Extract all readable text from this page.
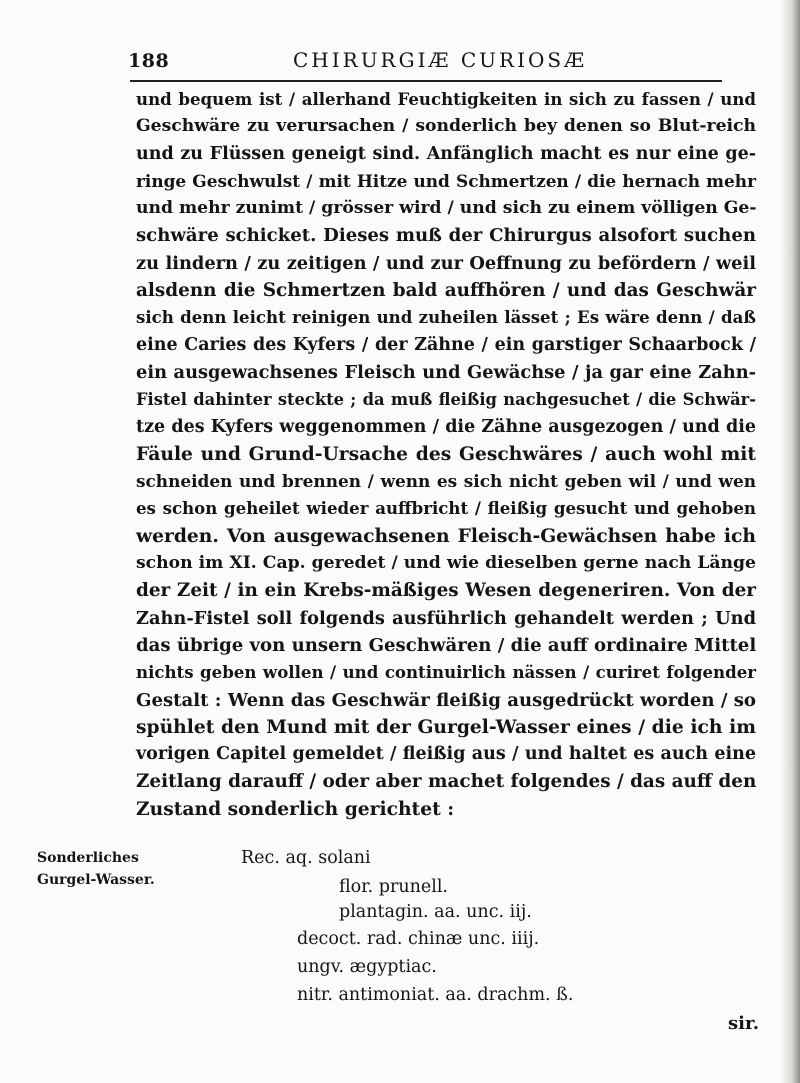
188	CHIRURGIÆ CURIOSÆ
und bequem ist / allerhand Feuchtigkeiten in sich zu fassen / und
Geschwäre zu verursachen / sonderlich bey denen so Blut-reich
und zu Flüssen geneigt sind. Anfänglich macht es nur eine ge-
ringe Geschwulst / mit Hitze und Schmertzen / die hernach mehr
und mehr zunimt / grösser wird / und sich zu einem völligen Ge-
schwäre schicket. Dieses muß der Chirurgus alsofort suchen
zu lindern / zu zeitigen / und zur Oeffnung zu befördern / weil
alsdenn die Schmertzen bald auffhören / und das Geschwär
sich denn leicht reinigen und zuheilen lässet ; Es wäre denn / daß
eine Caries des Kyfers / der Zähne / ein garstiger Schaarbock /
ein ausgewachsenes Fleisch und Gewächse / ja gar eine Zahn-
Fistel dahinter steckte ; da muß fleißig nachgesuchet / die Schwär-
tze des Kyfers weggenommen / die Zähne ausgezogen / und die
Fäule und Grund-Ursache des Geschwäres / auch wohl mit
schneiden und brennen / wenn es sich nicht geben wil / und wen
es schon geheilet wieder auffbricht / fleißig gesucht und gehoben
werden. Von ausgewachsenen Fleisch-Gewächsen habe ich
schon im XI. Cap. geredet / und wie dieselben gerne nach Länge
der Zeit / in ein Krebs-mäßiges Wesen degeneriren. Von der
Zahn-Fistel soll folgends ausführlich gehandelt werden ; Und
das übrige von unsern Geschwären / die auff ordinaire Mittel
nichts geben wollen / und continuirlich nässen / curiret folgender
Gestalt : Wenn das Geschwär fleißig ausgedrückt worden / so
spühlet den Mund mit der Gurgel-Wasser eines / die ich im
vorigen Capitel gemeldet / fleißig aus / und haltet es auch eine
Zeitlang darauff / oder aber machet folgendes / das auff den
Zustand sonderlich gerichtet :
Sonderliches
Gurgel-Wasser.
Rec. aq. solani
flor. prunell.
plantagin. aa. unc. iij.
decoct. rad. chinæ unc. iiij.
ungv. ægyptiac.
nitr. antimoniat. aa. drachm. ß.
sir.
